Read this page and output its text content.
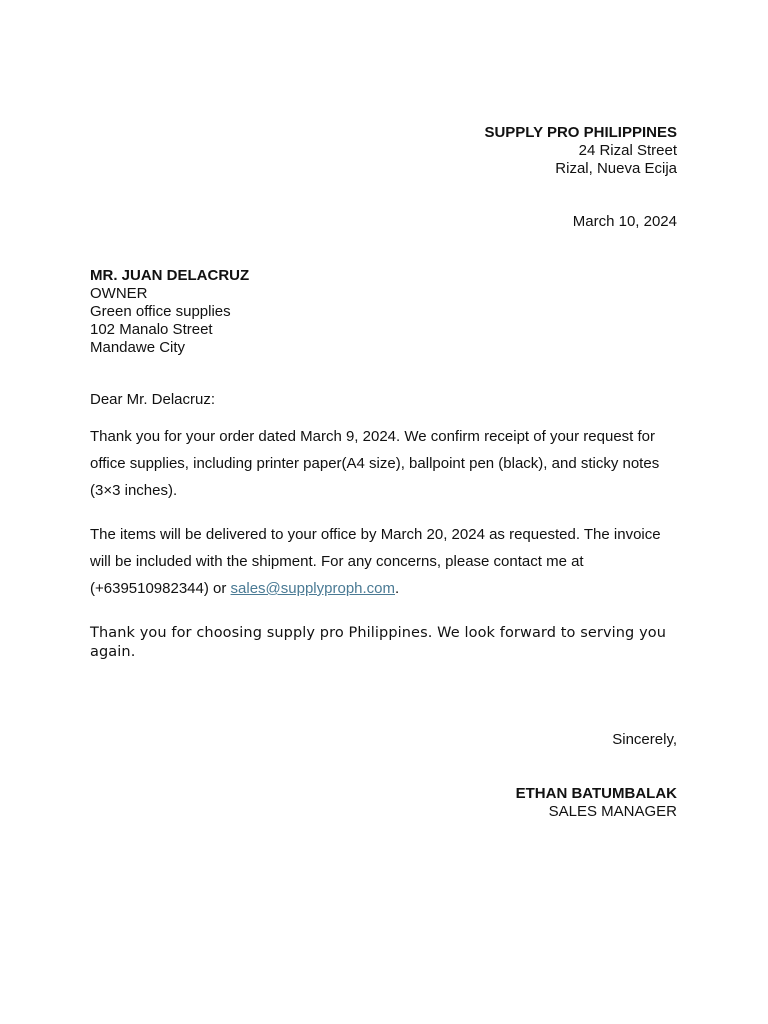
SUPPLY PRO PHILIPPINES
24 Rizal Street
Rizal, Nueva Ecija
March 10, 2024
MR. JUAN DELACRUZ
OWNER
Green office supplies
102 Manalo Street
Mandawe City
Dear Mr. Delacruz:

Thank you for your order dated March 9, 2024. We confirm receipt of your request for office supplies, including printer paper(A4 size), ballpoint pen (black), and sticky notes (3×3 inches).

The items will be delivered to your office by March 20, 2024 as requested. The invoice will be included with the shipment. For any concerns, please contact me at (+639510982344) or sales@supplyproph.com.

Thank you for choosing supply pro Philippines. We look forward to serving you again.

Sincerely,
ETHAN BATUMBALAK
SALES MANAGER
